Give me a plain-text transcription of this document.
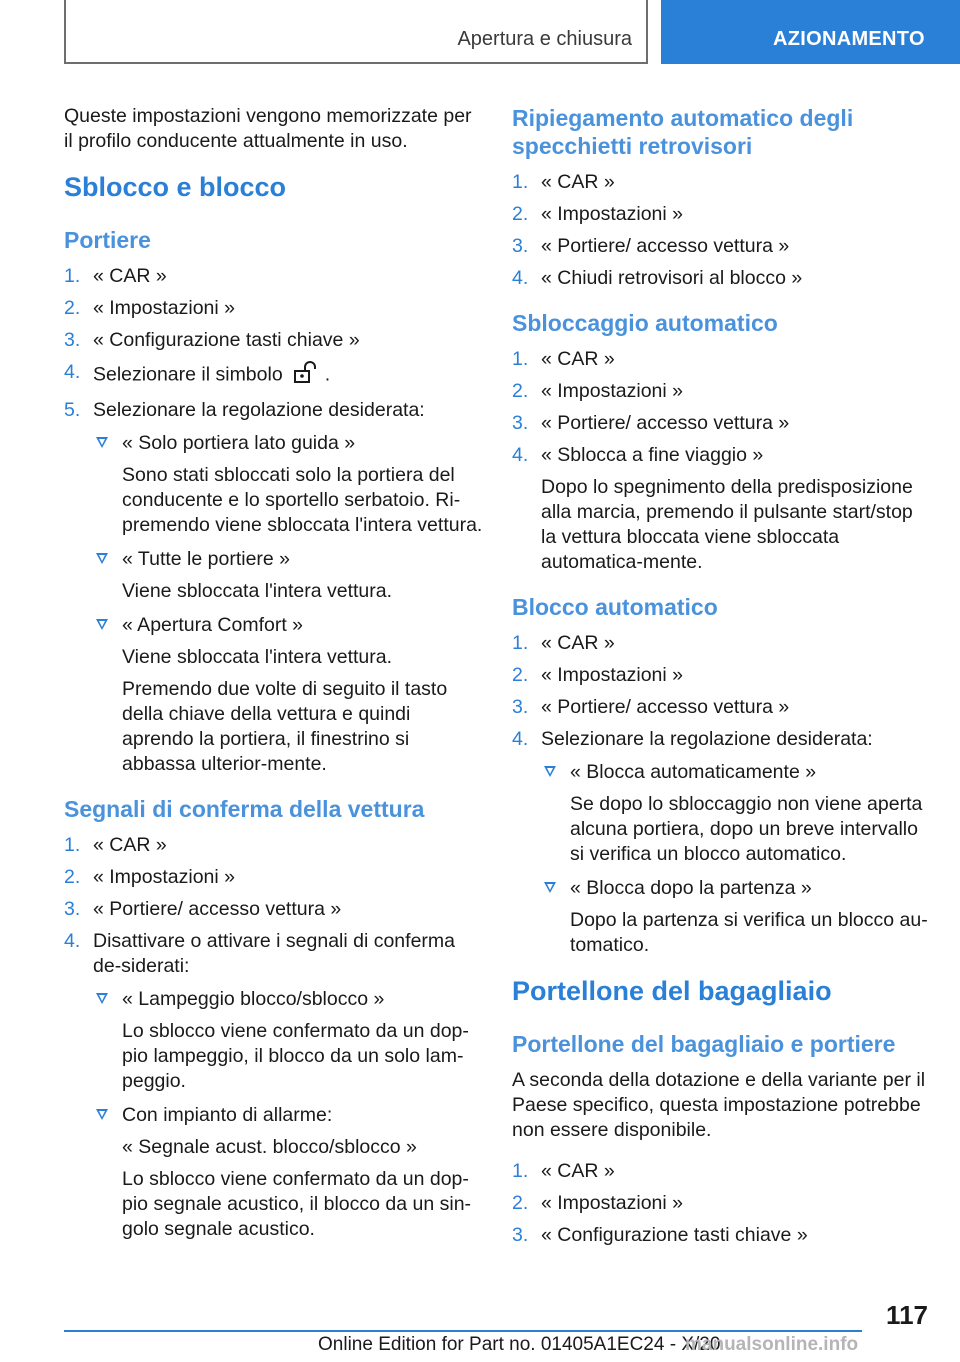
Apertura e chiusura	AZIONAMENTO

Queste impostazioni vengono memorizzate per il profilo conducente attualmente in uso.

Sblocco e blocco
Portiere
1. « CAR »
2. « Impostazioni »
3. « Configurazione tasti chiave »
4. Selezionare il simbolo .
5. Selezionare la regolazione desiderata:
« Solo portiera lato guida »
Sono stati sbloccati solo la portiera del conducente e lo sportello serbatoio. Ri-premendo viene sbloccata l'intera vettura.
« Tutte le portiere »
Viene sbloccata l'intera vettura.
« Apertura Comfort »
Viene sbloccata l'intera vettura.
Premendo due volte di seguito il tasto della chiave della vettura e quindi aprendo la portiera, il finestrino si abbassa ulterior-mente.
Segnali di conferma della vettura
1. « CAR »
2. « Impostazioni »
3. « Portiere/ accesso vettura »
4. Disattivare o attivare i segnali di conferma de-siderati:
« Lampeggio blocco/sblocco »
Lo sblocco viene confermato da un dop-pio lampeggio, il blocco da un solo lam-peggio.
Con impianto di allarme:
« Segnale acust. blocco/sblocco »
Lo sblocco viene confermato da un dop-pio segnale acustico, il blocco da un sin-golo segnale acustico.
Ripiegamento automatico degli specchietti retrovisori
1. « CAR »
2. « Impostazioni »
3. « Portiere/ accesso vettura »
4. « Chiudi retrovisori al blocco »
Sbloccaggio automatico
1. « CAR »
2. « Impostazioni »
3. « Portiere/ accesso vettura »
4. « Sblocca a fine viaggio »
Dopo lo spegnimento della predisposizione alla marcia, premendo il pulsante start/stop la vettura bloccata viene sbloccata automatica-mente.
Blocco automatico
1. « CAR »
2. « Impostazioni »
3. « Portiere/ accesso vettura »
4. Selezionare la regolazione desiderata:
« Blocca automaticamente »
Se dopo lo sbloccaggio non viene aperta alcuna portiera, dopo un breve intervallo si verifica un blocco automatico.
« Blocca dopo la partenza »
Dopo la partenza si verifica un blocco au-tomatico.
Portellone del bagagliaio
Portellone del bagagliaio e portiere

A seconda della dotazione e della variante per il Paese specifico, questa impostazione potrebbe non essere disponibile.

1. « CAR »
2. « Impostazioni »
3. « Configurazione tasti chiave »
117
Online Edition for Part no. 01405A1EC24 - X/20
manualsonline.info
